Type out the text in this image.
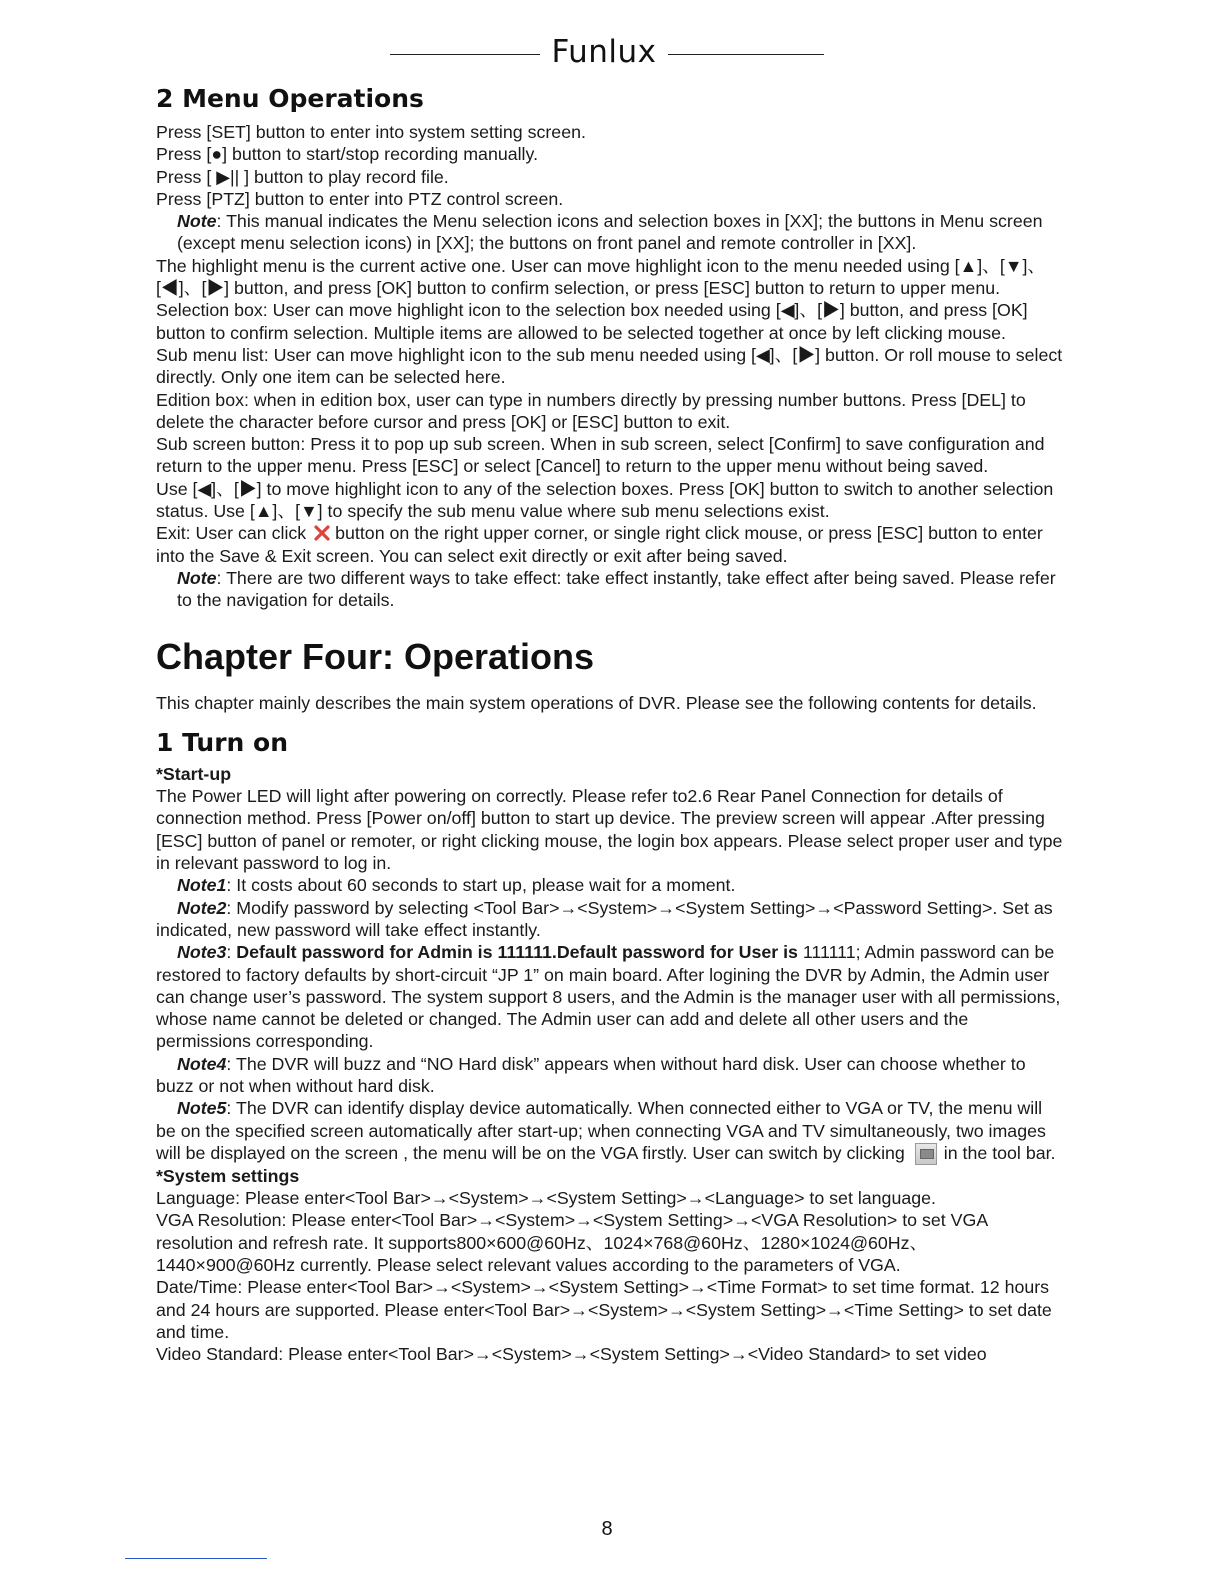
Funlux
2 Menu Operations

Press [SET] button to enter into system setting screen.

Press [●] button to start/stop recording manually.

Press [ ▶|| ] button to play record file.

Press [PTZ] button to enter into PTZ control screen.

Note: This manual indicates the Menu selection icons and selection boxes in [XX]; the buttons in Menu screen (except menu selection icons) in [XX]; the buttons on front panel and remote controller in [XX].

The highlight menu is the current active one. User can move highlight icon to the menu needed using [▲]、[▼]、[◀]、[▶] button, and press [OK] button to confirm selection, or press [ESC] button to return to upper menu.

Selection box: User can move highlight icon to the selection box needed using [◀]、[▶] button, and press [OK] button to confirm selection. Multiple items are allowed to be selected together at once by left clicking mouse.

Sub menu list: User can move highlight icon to the sub menu needed using [◀]、[▶] button. Or roll mouse to select directly. Only one item can be selected here.

Edition box: when in edition box, user can type in numbers directly by pressing number buttons. Press [DEL] to delete the character before cursor and press [OK] or [ESC] button to exit.

Sub screen button: Press it to pop up sub screen. When in sub screen, select [Confirm] to save configuration and return to the upper menu. Press [ESC] or select [Cancel] to return to the upper menu without being saved.

Use [◀]、[▶] to move highlight icon to any of the selection boxes. Press [OK] button to switch to another selection status. Use [▲]、[▼] to specify the sub menu value where sub menu selections exist.

Exit: User can click button on the right upper corner, or single right click mouse, or press [ESC] button to enter into the Save & Exit screen. You can select exit directly or exit after being saved.

Note: There are two different ways to take effect: take effect instantly, take effect after being saved. Please refer to the navigation for details.

Chapter Four: Operations

This chapter mainly describes the main system operations of DVR. Please see the following contents for details.

1 Turn on

*Start-up

The Power LED will light after powering on correctly. Please refer to2.6 Rear Panel Connection for details of connection method. Press [Power on/off] button to start up device. The preview screen will appear .After pressing [ESC] button of panel or remoter, or right clicking mouse, the login box appears. Please select proper user and type in relevant password to log in.

Note1: It costs about 60 seconds to start up, please wait for a moment.

Note2: Modify password by selecting <Tool Bar>→<System>→<System Setting>→<Password Setting>. Set as indicated, new password will take effect instantly.

Note3: Default password for Admin is 111111.Default password for User is 111111; Admin password can be restored to factory defaults by short-circuit “JP 1” on main board. After logining the DVR by Admin, the Admin user can change user’s password. The system support 8 users, and the Admin is the manager user with all permissions, whose name cannot be deleted or changed. The Admin user can add and delete all other users and the permissions corresponding.

Note4: The DVR will buzz and “NO Hard disk” appears when without hard disk. User can choose whether to buzz or not when without hard disk.

Note5: The DVR can identify display device automatically. When connected either to VGA or TV, the menu will be on the specified screen automatically after start-up; when connecting VGA and TV simultaneously, two images will be displayed on the screen , the menu will be on the VGA firstly. User can switch by clicking in the tool bar.

*System settings

Language: Please enter<Tool Bar>→<System>→<System Setting>→<Language> to set language.

VGA Resolution: Please enter<Tool Bar>→<System>→<System Setting>→<VGA Resolution> to set VGA resolution and refresh rate. It supports800×600@60Hz、1024×768@60Hz、1280×1024@60Hz、1440×900@60Hz currently. Please select relevant values according to the parameters of VGA.

Date/Time: Please enter<Tool Bar>→<System>→<System Setting>→<Time Format> to set time format. 12 hours and 24 hours are supported. Please enter<Tool Bar>→<System>→<System Setting>→<Time Setting> to set date and time.

Video Standard: Please enter<Tool Bar>→<System>→<System Setting>→<Video Standard> to set video

8
